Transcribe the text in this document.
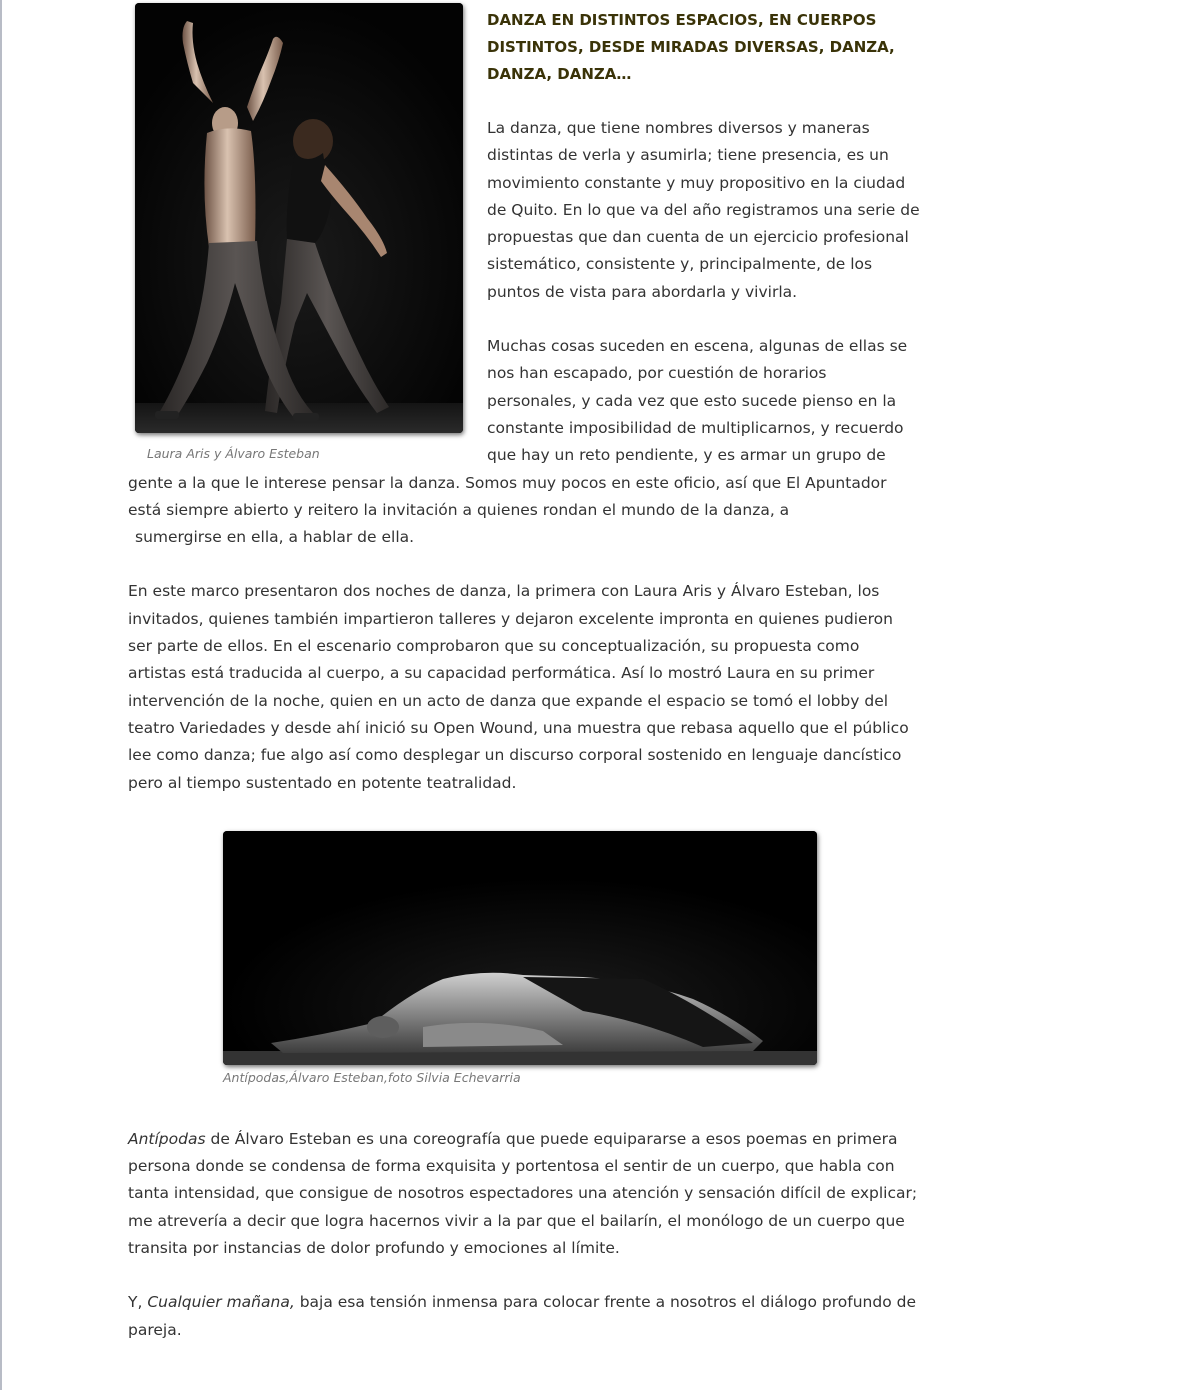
Laura Aris y Álvaro Esteban
DANZA EN DISTINTOS ESPACIOS, EN CUERPOS DISTINTOS, DESDE MIRADAS DIVERSAS, DANZA, DANZA, DANZA…

La danza, que tiene nombres diversos y maneras distintas de verla y asumirla; tiene presencia, es un movimiento constante y muy propositivo en la ciudad de Quito. En lo que va del año registramos una serie de propuestas que dan cuenta de un ejercicio profesional sistemático, consistente y, principalmente, de los puntos de vista para abordarla y vivirla.

Muchas cosas suceden en escena, algunas de ellas se nos han escapado, por cuestión de horarios personales, y cada vez que esto sucede pienso en la constante imposibilidad de multiplicarnos, y recuerdo que hay un reto pendiente, y es armar un grupo de gente a la que le interese pensar la danza. Somos muy pocos en este oficio, así que El Apuntador está siempre abierto y reitero la invitación a quienes rondan el mundo de la danza, a

sumergirse en ella, a hablar de ella.

En este marco presentaron dos noches de danza, la primera con Laura Aris y Álvaro Esteban, los invitados, quienes también impartieron talleres y dejaron excelente impronta en quienes pudieron ser parte de ellos. En el escenario comprobaron que su conceptualización, su propuesta como artistas está traducida al cuerpo, a su capacidad performática. Así lo mostró Laura en su primer intervención de la noche, quien en un acto de danza que expande el espacio se tomó el lobby del teatro Variedades y desde ahí inició su Open Wound, una muestra que rebasa aquello que el público lee como danza; fue algo así como desplegar un discurso corporal sostenido en lenguaje dancístico pero al tiempo sustentado en potente teatralidad.

Antípodas,Álvaro Esteban,foto Silvia Echevarria

Antípodas de Álvaro Esteban es una coreografía que puede equipararse a esos poemas en primera persona donde se condensa de forma exquisita y portentosa el sentir de un cuerpo, que habla con tanta intensidad, que consigue de nosotros espectadores una atención y sensación difícil de explicar; me atrevería a decir que logra hacernos vivir a la par que el bailarín, el monólogo de un cuerpo que transita por instancias de dolor profundo y emociones al límite.

Y, Cualquier mañana, baja esa tensión inmensa para colocar frente a nosotros el diálogo profundo de pareja.
